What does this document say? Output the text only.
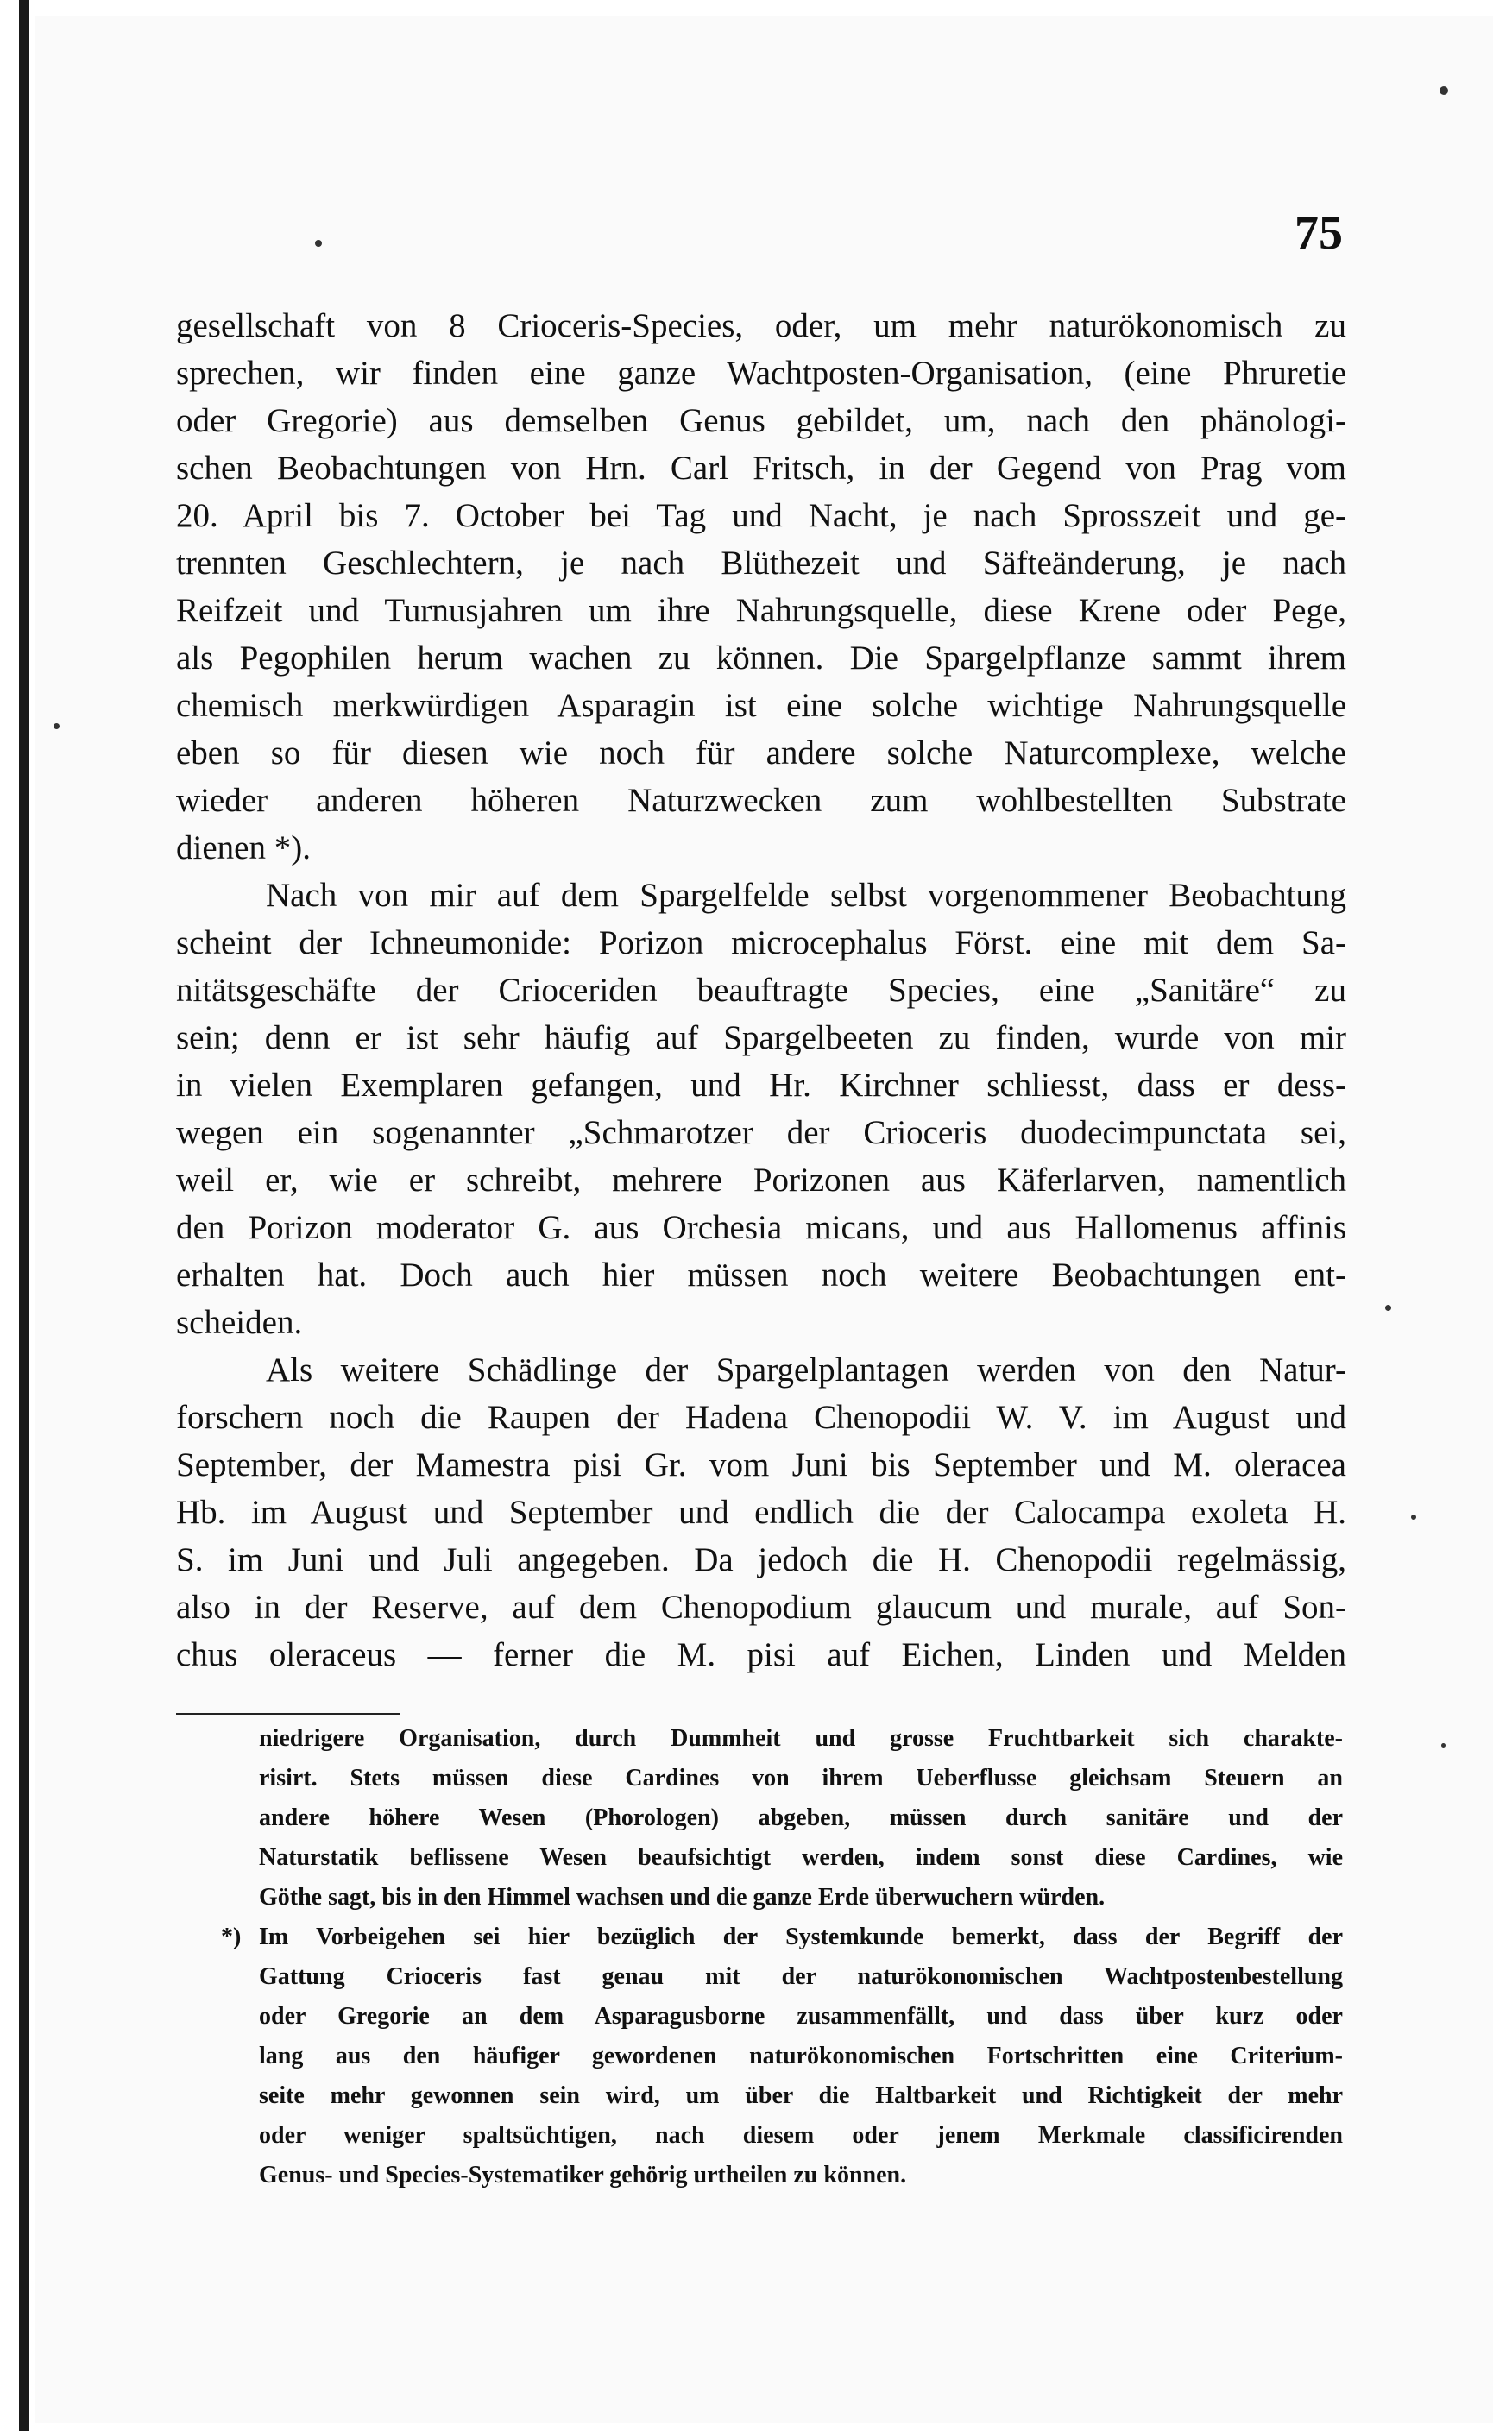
75
gesellschaft von 8 Crioceris-Species, oder, um mehr naturökonomisch zu
sprechen, wir finden eine ganze Wachtposten-Organisation, (eine Phruretie
oder Gregorie) aus demselben Genus gebildet, um, nach den phänologi-
schen Beobachtungen von Hrn. Carl Fritsch, in der Gegend von Prag vom
20. April bis 7. October bei Tag und Nacht, je nach Sprosszeit und ge-
trennten Geschlechtern, je nach Blüthezeit und Säfteänderung, je nach
Reifzeit und Turnusjahren um ihre Nahrungsquelle, diese Krene oder Pege,
als Pegophilen herum wachen zu können. Die Spargelpflanze sammt ihrem
chemisch merkwürdigen Asparagin ist eine solche wichtige Nahrungsquelle
eben so für diesen wie noch für andere solche Naturcomplexe, welche
wieder anderen höheren Naturzwecken zum wohlbestellten Substrate
dienen *).
Nach von mir auf dem Spargelfelde selbst vorgenommener Beobachtung
scheint der Ichneumonide: Porizon microcephalus Först. eine mit dem Sa-
nitätsgeschäfte der Crioceriden beauftragte Species, eine „Sanitäre“ zu
sein; denn er ist sehr häufig auf Spargelbeeten zu finden, wurde von mir
in vielen Exemplaren gefangen, und Hr. Kirchner schliesst, dass er dess-
wegen ein sogenannter „Schmarotzer der Crioceris duodecimpunctata sei,
weil er, wie er schreibt, mehrere Porizonen aus Käferlarven, namentlich
den Porizon moderator G. aus Orchesia micans, und aus Hallomenus affinis
erhalten hat. Doch auch hier müssen noch weitere Beobachtungen ent-
scheiden.
Als weitere Schädlinge der Spargelplantagen werden von den Natur-
forschern noch die Raupen der Hadena Chenopodii W. V. im August und
September, der Mamestra pisi Gr. vom Juni bis September und M. oleracea
Hb. im August und September und endlich die der Calocampa exoleta H.
S. im Juni und Juli angegeben. Da jedoch die H. Chenopodii regelmässig,
also in der Reserve, auf dem Chenopodium glaucum und murale, auf Son-
chus oleraceus — ferner die M. pisi auf Eichen, Linden und Melden
niedrigere Organisation, durch Dummheit und grosse Fruchtbarkeit sich charakte-
risirt. Stets müssen diese Cardines von ihrem Ueberflusse gleichsam Steuern an
andere höhere Wesen (Phorologen) abgeben, müssen durch sanitäre und der
Naturstatik beflissene Wesen beaufsichtigt werden, indem sonst diese Cardines, wie
Göthe sagt, bis in den Himmel wachsen und die ganze Erde überwuchern würden.
*) Im Vorbeigehen sei hier bezüglich der Systemkunde bemerkt, dass der Begriff der
Gattung Crioceris fast genau mit der naturökonomischen Wachtpostenbestellung
oder Gregorie an dem Asparagusborne zusammenfällt, und dass über kurz oder
lang aus den häufiger gewordenen naturökonomischen Fortschritten eine Criterium-
seite mehr gewonnen sein wird, um über die Haltbarkeit und Richtigkeit der mehr
oder weniger spaltsüchtigen, nach diesem oder jenem Merkmale classificirenden
Genus- und Species-Systematiker gehörig urtheilen zu können.
